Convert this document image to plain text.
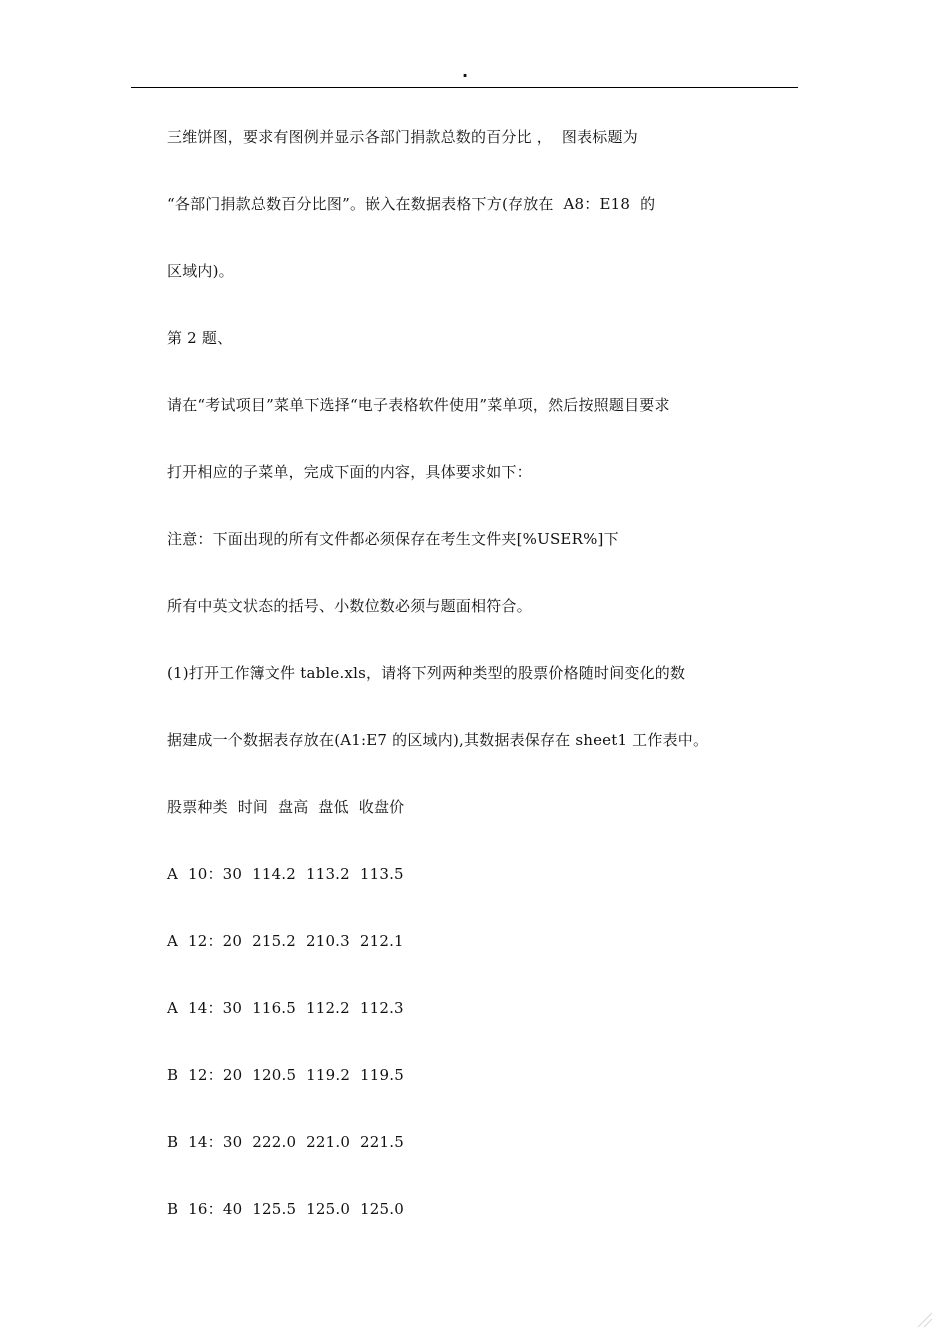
.
三维饼图，要求有图例并显示各部门捐款总数的百分比 ，  图表标题为
“各部门捐款总数百分比图”。嵌入在数据表格下方(存放在  A8：E18  的
区域内)。
第 2 题、
请在“考试项目”菜单下选择“电子表格软件使用”菜单项，然后按照题目要求
打开相应的子菜单，完成下面的内容，具体要求如下：
注意：下面出现的所有文件都必须保存在考生文件夹[%USER%]下
所有中英文状态的括号、小数位数必须与题面相符合。
(1)打开工作簿文件 table.xls，请将下列两种类型的股票价格随时间变化的数
据建成一个数据表存放在(A1:E7 的区域内),其数据表保存在 sheet1 工作表中。
股票种类  时间  盘高  盘低  收盘价
A  10：30  114.2  113.2  113.5
A  12：20  215.2  210.3  212.1
A  14：30  116.5  112.2  112.3
B  12：20  120.5  119.2  119.5
B  14：30  222.0  221.0  221.5
B  16：40  125.5  125.0  125.0
